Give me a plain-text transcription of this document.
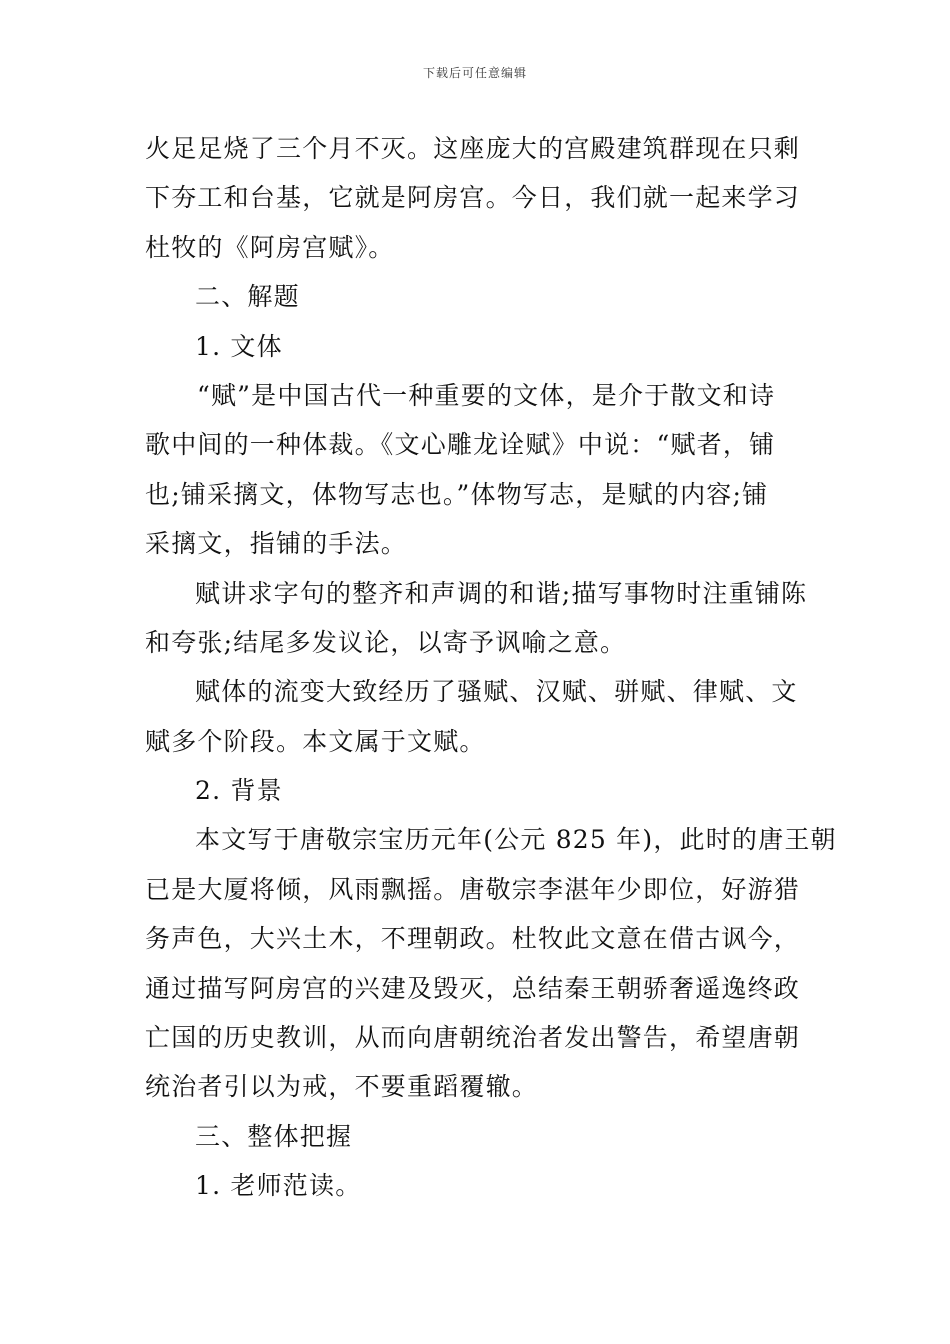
下载后可任意编辑
火足足烧了三个月不灭。这座庞大的宫殿建筑群现在只剩
下夯工和台基，它就是阿房宫。今日，我们就一起来学习
杜牧的《阿房宫赋》。
二、解题
1. 文体
“赋”是中国古代一种重要的文体，是介于散文和诗
歌中间的一种体裁。《文心雕龙诠赋》中说：“赋者，铺
也;铺采摛文，体物写志也。”体物写志，是赋的内容;铺
采摛文，指铺的手法。
赋讲求字句的整齐和声调的和谐;描写事物时注重铺陈
和夸张;结尾多发议论，以寄予讽喻之意。
赋体的流变大致经历了骚赋、汉赋、骈赋、律赋、文
赋多个阶段。本文属于文赋。
2. 背景
本文写于唐敬宗宝历元年(公元 825 年)，此时的唐王朝
已是大厦将倾，风雨飘摇。唐敬宗李湛年少即位，好游猎
务声色，大兴土木，不理朝政。杜牧此文意在借古讽今，
通过描写阿房宫的兴建及毁灭，总结秦王朝骄奢遥逸终政
亡国的历史教训，从而向唐朝统治者发出警告，希望唐朝
统治者引以为戒，不要重蹈覆辙。
三、整体把握
1. 老师范读。
